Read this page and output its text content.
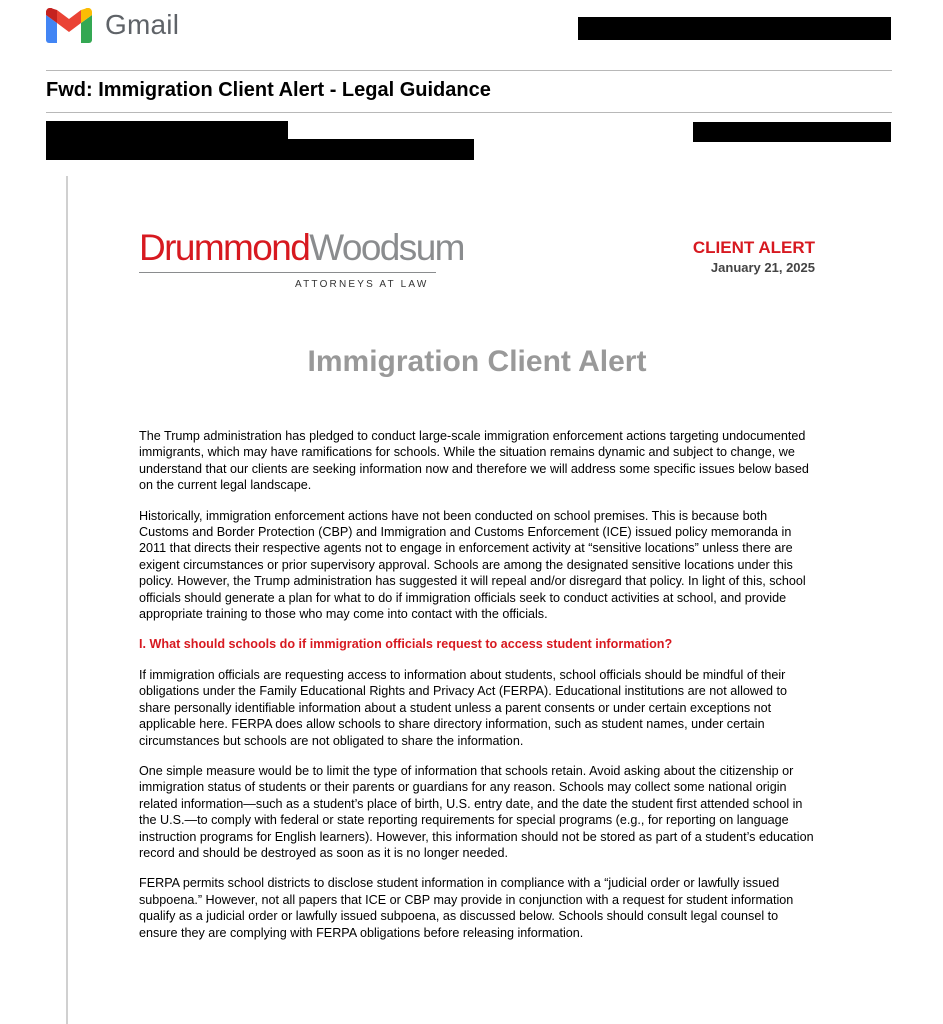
Gmail
Fwd: Immigration Client Alert - Legal Guidance
DrummondWoodsum
ATTORNEYS AT LAW
CLIENT ALERT
January 21, 2025
Immigration Client Alert

The Trump administration has pledged to conduct large-scale immigration enforcement actions targeting undocumented immigrants, which may have ramifications for schools. While the situation remains dynamic and subject to change, we understand that our clients are seeking information now and therefore we will address some specific issues below based on the current legal landscape.

Historically, immigration enforcement actions have not been conducted on school premises. This is because both Customs and Border Protection (CBP) and Immigration and Customs Enforcement (ICE) issued policy memoranda in 2011 that directs their respective agents not to engage in enforcement activity at “sensitive locations” unless there are exigent circumstances or prior supervisory approval. Schools are among the designated sensitive locations under this policy. However, the Trump administration has suggested it will repeal and/or disregard that policy. In light of this, school officials should generate a plan for what to do if immigration officials seek to conduct activities at school, and provide appropriate training to those who may come into contact with the officials.

I. What should schools do if immigration officials request to access student information?

If immigration officials are requesting access to information about students, school officials should be mindful of their obligations under the Family Educational Rights and Privacy Act (FERPA). Educational institutions are not allowed to share personally identifiable information about a student unless a parent consents or under certain exceptions not applicable here. FERPA does allow schools to share directory information, such as student names, under certain circumstances but schools are not obligated to share the information.

One simple measure would be to limit the type of information that schools retain. Avoid asking about the citizenship or immigration status of students or their parents or guardians for any reason. Schools may collect some national origin related information—such as a student’s place of birth, U.S. entry date, and the date the student first attended school in the U.S.—to comply with federal or state reporting requirements for special programs (e.g., for reporting on language instruction programs for English learners). However, this information should not be stored as part of a student’s education record and should be destroyed as soon as it is no longer needed.

FERPA permits school districts to disclose student information in compliance with a “judicial order or lawfully issued subpoena.” However, not all papers that ICE or CBP may provide in conjunction with a request for student information qualify as a judicial order or lawfully issued subpoena, as discussed below. Schools should consult legal counsel to ensure they are complying with FERPA obligations before releasing information.
